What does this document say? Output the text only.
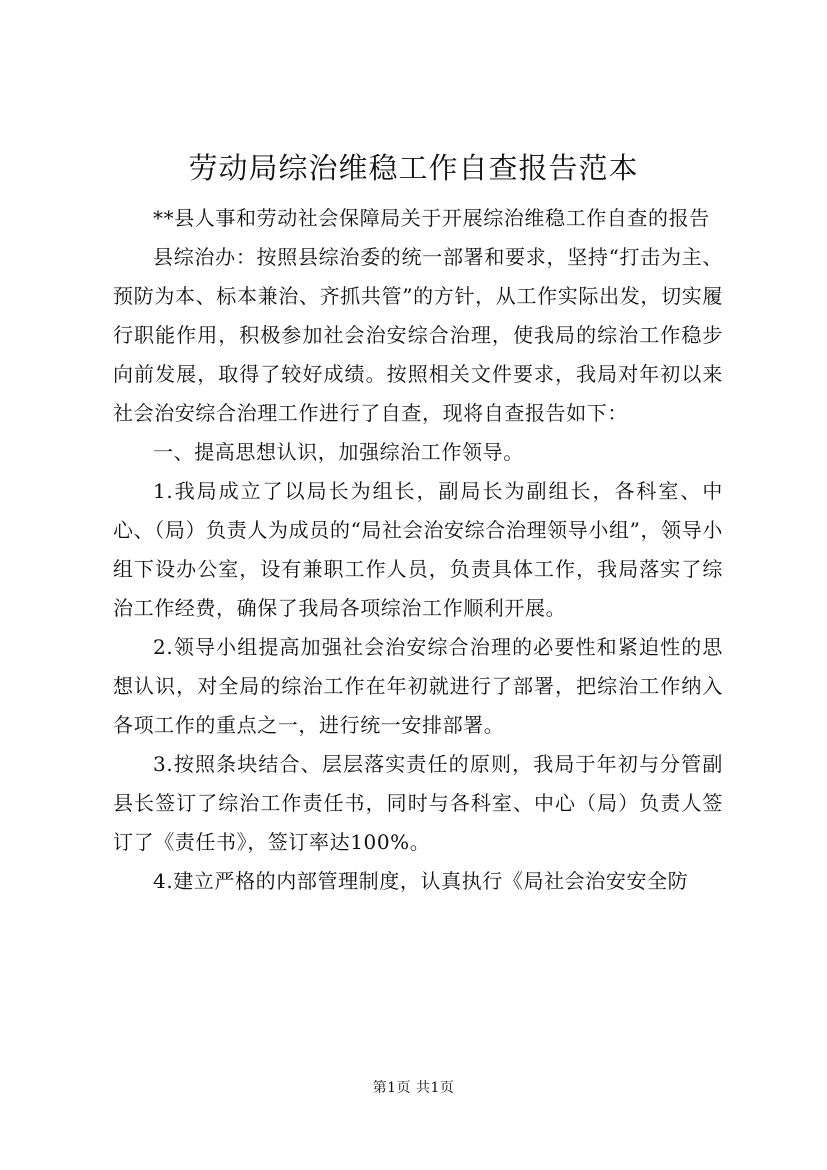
劳动局综治维稳工作自查报告范本

**县人事和劳动社会保障局关于开展综治维稳工作自查的报告

县综治办：按照县综治委的统一部署和要求，坚持“打击为主、预防为本、标本兼治、齐抓共管”的方针，从工作实际出发，切实履行职能作用，积极参加社会治安综合治理，使我局的综治工作稳步向前发展，取得了较好成绩。按照相关文件要求，我局对年初以来社会治安综合治理工作进行了自查，现将自查报告如下：

一、提高思想认识，加强综治工作领导。

1.我局成立了以局长为组长，副局长为副组长，各科室、中心、（局）负责人为成员的“局社会治安综合治理领导小组”，领导小组下设办公室，设有兼职工作人员，负责具体工作，我局落实了综治工作经费，确保了我局各项综治工作顺利开展。

2.领导小组提高加强社会治安综合治理的必要性和紧迫性的思想认识，对全局的综治工作在年初就进行了部署，把综治工作纳入各项工作的重点之一，进行统一安排部署。

3.按照条块结合、层层落实责任的原则，我局于年初与分管副县长签订了综治工作责任书，同时与各科室、中心（局）负责人签订了《责任书》，签订率达100%。

4.建立严格的内部管理制度，认真执行《局社会治安安全防

第1页 共1页
